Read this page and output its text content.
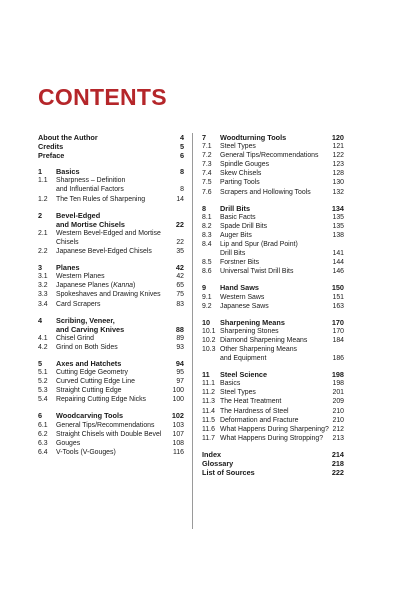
CONTENTS
About the Author	4
Credits	5
Preface	6
1	Basics	8
1.1	Sharpness – Definition
and Influential Factors	8
1.2	The Ten Rules of Sharpening	14
2	Bevel-Edged
and Mortise Chisels	22
2.1	Western Bevel-Edged and Mortise
Chisels	22
2.2	Japanese Bevel-Edged Chisels	35
3	Planes	42
3.1	Western Planes	42
3.2	Japanese Planes (Kanna)	65
3.3	Spokeshaves and Drawing Knives	75
3.4	Card Scrapers	83
4	Scribing, Veneer,
and Carving Knives	88
4.1	Chisel Grind	89
4.2	Grind on Both Sides	93
5	Axes and Hatchets	94
5.1	Cutting Edge Geometry	95
5.2	Curved Cutting Edge Line	97
5.3	Straight Cutting Edge	100
5.4	Repairing Cutting Edge Nicks	100
6	Woodcarving Tools	102
6.1	General Tips/Recommendations	103
6.2	Straight Chisels with Double Bevel	107
6.3	Gouges	108
6.4	V-Tools (V-Gouges)	116
7	Woodturning Tools	120
7.1	Steel Types	121
7.2	General Tips/Recommendations	122
7.3	Spindle Gouges	123
7.4	Skew Chisels	128
7.5	Parting Tools	130
7.6	Scrapers and Hollowing Tools	132
8	Drill Bits	134
8.1	Basic Facts	135
8.2	Spade Drill Bits	135
8.3	Auger Bits	138
8.4	Lip and Spur (Brad Point)
Drill Bits	141
8.5	Forstner Bits	144
8.6	Universal Twist Drill Bits	146
9	Hand Saws	150
9.1	Western Saws	151
9.2	Japanese Saws	163
10	Sharpening Means	170
10.1 Sharpening Stones	170
10.2 Diamond Sharpening Means	184
10.3 Other Sharpening Means
and Equipment	186
11	Steel Science	198
11.1 Basics	198
11.2 Steel Types	201
11.3 The Heat Treatment	209
11.4 The Hardness of Steel	210
11.5 Deformation and Fracture	210
11.6 What Happens During Sharpening? 212
11.7 What Happens During Stropping?	213
Index	214
Glossary	218
List of Sources	222
